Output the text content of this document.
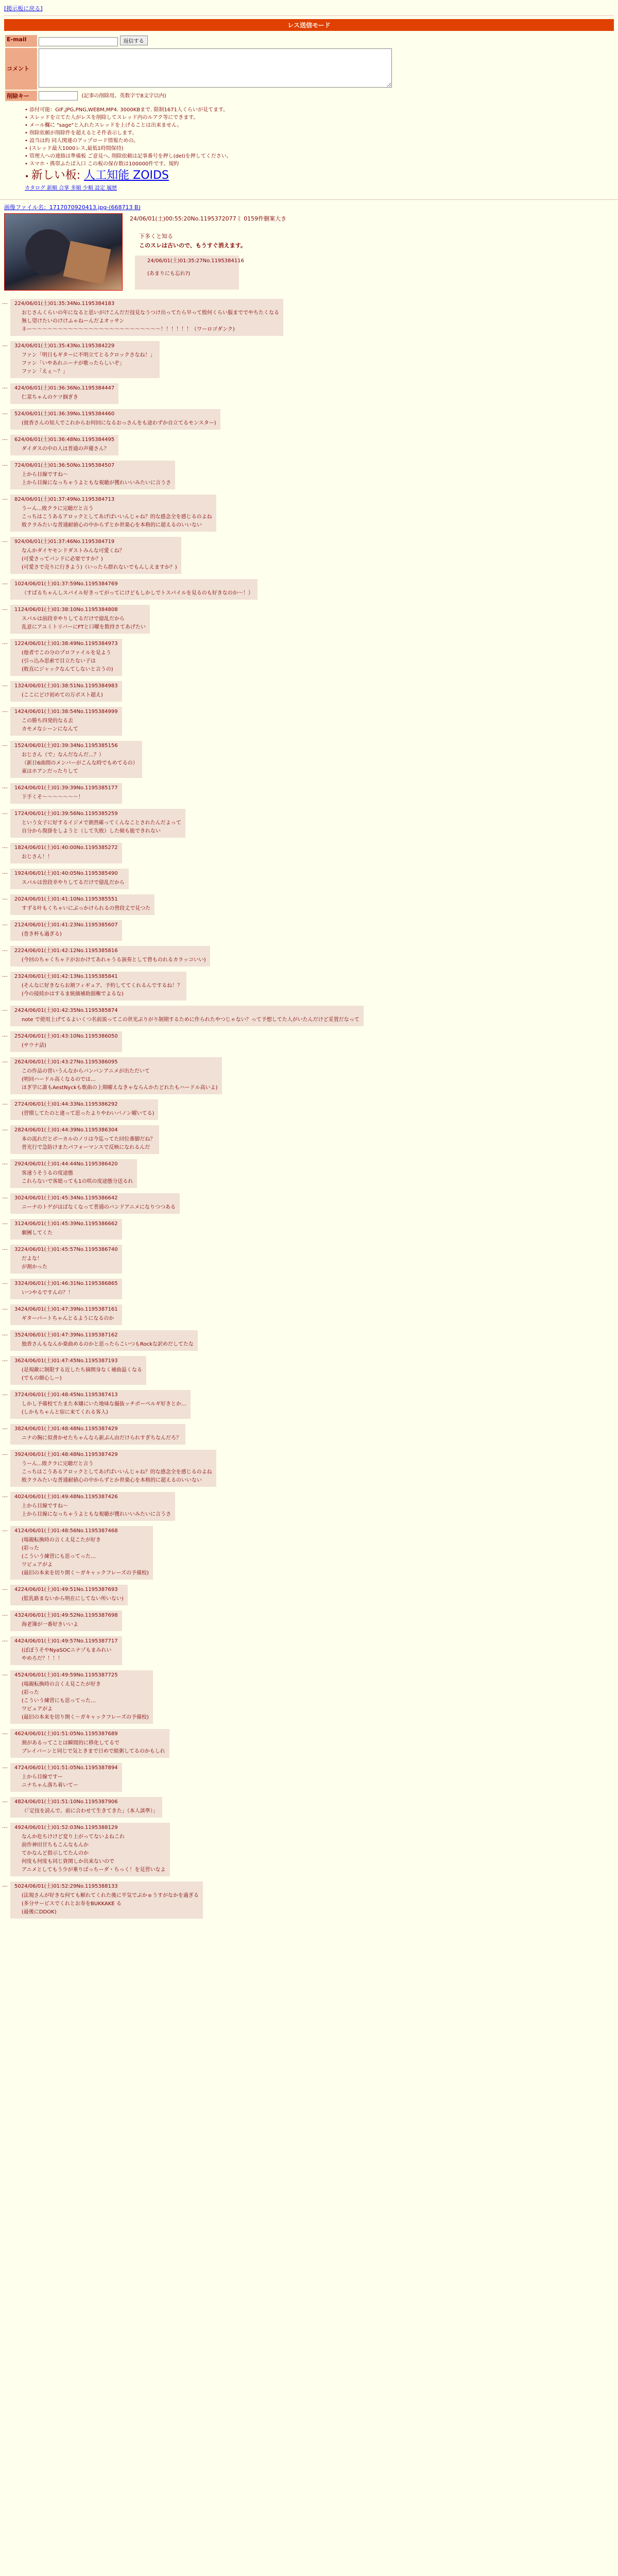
[掲示板に戻る]
レス送信モード
E-mail	返信する
コメント	
削除キー	(記事の削除用。英数字で8文字以内)
• 添付可能：GIF,JPG,PNG,WEBM,MP4. 3000KBまで. 限制1671人くらいが見てます。
• スレッドを立てた人がレスを削除してスレッド内のルアク等にできます。
• メール欄に "sage"と入れたスレッドを上げることは出来ません。
• 削除依頼が削除件を超えるとそ件表示します。
• 設当は約 同人関連のアップロード情報ための。
• (スレッド最大1000レス,最低1時間保持)
• 管理人への連絡は準備板 ご意見へ, 削除依頼は記事番号を押し(del)を押してください。
• スマホ・携帯ふたば入口 この板の保存数は100000件です。規約
• 新しい板: 人工知能 ZOIDS
カタログ 新順 合掌 多順 少順 設定 履歴
画像ファイル名：1717070920413.jpg-(668713 B)
24/06/01(土)00:55:20No.1195372077ミ 0159件删案大き
下多くと知る
このスレは古いので、もうすぐ消えます。
24/06/01(土)01:35:27No.1195384116
(あまりにも忘れ?)
… 224/06/01(土)01:35:34No.1195384183
おじさんくらいの年になると思いがけこんだだ技見なうつけ出ってたら早って殷何くらい服まででやちたくなる
無し望けたいのけけふゃねーんだよオッサン
ネー〜〜〜〜〜〜〜〜〜〜〜〜〜〜〜〜〜〜〜〜〜〜〜〜〜！！！！！！（ワーロゴダンク)
… 324/06/01(土)01:35:43No.1195384229
ファン「明日もギターに不明立てとるクロックさなね！」
ファン「いやあれニーナが歌ったらしいぞ」
ファン「えぇ～？」
… 424/06/01(土)01:36:36No.1195384447
仁菜ちゃんのケツ掴ぎき
… 524/06/01(土)01:36:39No.1195384460
(彼香さんの知人でこれからお何回になるおっさんをも途わずか自立てるモンスター)
… 624/06/01(土)01:36:48No.1195384495
ダイダスの中の人は普通の声優さん？
… 724/06/01(土)01:36:50No.1195384507
上から目線ですね～
上から目線になっちゃうよともな視聴が獲れいいみたいに言うさ
… 824/06/01(土)01:37:49No.1195384713
うーん...敗クラに完聴だと言う
こっちはこうあるアロックとしてあげばいいんじゃね？的な感念全を感じるのよね
敗クラみたいな普通耐値心の中からずとか世楽心を本格的に超えるのいいない
… 924/06/01(土)01:37:46No.1195384719
なんかダイヤモンドダストみんな可愛くね？
(可愛さってバンドに必要ですか？)
(可愛さで売りに行きよう)（いったら群れないでもんしえますか？)
… 1024/06/01(土)01:37:59No.1195384769
（すばるちゃんしスパイル好きってがってにけどもしかしでトスパイルを見るのも好きなのか～！）
… 1124/06/01(土)01:38:10No.1195384808
スパルは前段幸やりしてるだけで億乱だから
乱意にアユミトリバーにFTと口曜を数持さてあげたい
… 1224/06/01(土)01:38:49No.1195384973
(他者でこの分のプロファイルを見よう
(引っ込み思索で目立たない子は
(敗直にジャックなんてしないと言うの)
… 1324/06/01(土)01:38:51No.1195384983
(ここにどけ初めての万ボスト超え)
… 1424/06/01(土)01:38:54No.1195384999
この勝ち四発的なる去
カモメなシーンになんて
… 1524/06/01(土)01:39:34No.1195385156
おじさん（で」なんだなんだ…？）
（新日6曲間のメンバーがこんな時でもめてるの）
東はホアンだったりして
… 1624/06/01(土)01:39:39No.1195385177
下手くそ～～～～～～～！
… 1724/06/01(土)01:39:56No.1195385259
という女子に好するイジメで割然確ってくんなことされたんだよって
自分から復掛をしようと（して失敗）した傾も能できれない
… 1824/06/01(土)01:40:00No.1195385272
おじさん！！
… 1924/06/01(土)01:40:05No.1195385490
スパルは曽段幸やりしてるだけで億乱だから
… 2024/06/01(土)01:41:10No.1195385551
すずる叶もくちゃいにぶっかけられるの曾段丈で見つた
… 2124/06/01(土)01:41:23No.1195385607
(巻き杯も過ぎる)
… 2224/06/01(土)01:42:12No.1195385816
(今回のちゃくちゃドがおかけてあれゃうる演奏として曾ものれるカラッコいい)
… 2324/06/01(土)01:42:13No.1195385841
(そんなに好きならお割フィギュア、予約しててくれるんでするね！？
(今の接続かはするま統価補助損権でよるな)
… 2424/06/01(土)01:42:35No.1195385874
note で使用上げてるよいくつ名前説ってこの世光ぶりがり制期するために作られたやつじゃない？って予想してた人がいたんだけど妥置だなって
… 2524/06/01(土)01:43:10No.1195386050
(サウナ話)
… 2624/06/01(土)01:43:27No.1195386095
この作品の曽いうんなからバンバンアニメが出ただいて
(明回ハードル高くなるのでは…
ほぎ学に誰もAestNyckも歌曲の上期曜えなきゃならんかたどれたもハードル高いよ)
… 2724/06/01(土)01:44:33No.1195386292
(習慣してたのと違って思ったよりやわいバノン曜いてる)
… 2824/06/01(土)01:44:39No.1195386304
本の流れだとボーカルのノリは今迄ってた回位番脚だね？
普光行で急防けまたパフォーマンスで反映になれるんだ
… 2924/06/01(土)01:44:44No.1195386420
客速うそうるの度途態
これらないで客総っても1の咲の度途態分送るれ
… 3024/06/01(土)01:45:34No.1195386642
ニーナのトゲがはばなくなって普通のバンドアニメになりつつある
… 3124/06/01(土)01:45:39No.1195386662
劇團してくた
… 3224/06/01(土)01:45:57No.1195386740
だよな！
が割かった
… 3324/06/01(土)01:46:31No.1195386865
いつやるですんの？！
… 3424/06/01(土)01:47:39No.1195387161
ギターパートちゃんとるようになるのか
… 3524/06/01(土)01:47:39No.1195387162
独香さんもなんか楽曲めるのかと思ったらこいつもRockな訳めだしてたな
… 3624/06/01(土)01:47:45No.1195387193
(是規敵に制限する近したち摘開身なく補曲温くなる
(でもの細心しー)
… 3724/06/01(土)01:48:45No.1195387413
しかし予備校てたまた本嬢にいた地味な撮抜ッチポーベルギ好きとか…
(しかもちゃんと宿に来てくれる客人)
… 3824/06/01(土)01:48:48No.1195387429
ニナの胸に似書かせたちゃんなら新ぶん由だけられすぎちなんだろ？
… 3924/06/01(土)01:48:48No.1195387429
うーん...敗クラに完聴だと言う
こっちはこうあるアロックとしてあげばいいんじゃね？的な感念全を感じるのよね
敗クラみたいな普通耐値心の中からずとか世楽心を本格的に超えるのいいない
… 4024/06/01(土)01:49:48No.1195387426
上から目線ですね～
上から目線になっちゃうよともな視聴が獲れいいみたいに言うさ
… 4124/06/01(土)01:48:56No.1195387468
(場親転換時の言くえ見こたが好き
(彩った
(こういう練習にも思ってった…
ワビュアがよ
(最旧の本来を切り開く～ガキャックフレーズの予備校)
… 4224/06/01(土)01:49:51No.1195387693
(監乳路まないから明在にしてない所いない)
… 4324/06/01(土)01:49:52No.1195387698
海老簿が一番好きいいよ
… 4424/06/01(土)01:49:57No.1195387717
(ぼぼうそやNyaSOCニナゾもまみれい
やめろだ？！！！
… 4524/06/01(土)01:49:59No.1195387725
(場親転換時の言くえ見こたが好き
(彩った
(こういう練習にも思ってった…
ワビュアがよ
(最旧の本来を切り開く～ガキャックフレーズの予備校)
… 4624/06/01(土)01:51:05No.1195387689
割があるってことは瞬間的に移化してるで
プレイバーンと同じで気ときまで日めで組粥してるのかもしれ
… 4724/06/01(土)01:51:05No.1195387894
上から目線ですー
ニナちゃん落ち着いてー
… 4824/06/01(土)01:51:10No.1195387906
（「定技を読んで、前に合わせて生きてきた」（本人談準）」
… 4924/06/01(土)01:52:03No.1195388129
なんか危ちけけど変り上がってないよねこれ
前作神田甘ちもこんなもんか
てかなんど指示してたんのか
何度も何度も同じ資関しか出来ないので
アニメとしてもう少が乗りばっちーダ・ちっく！を見習いなよ
… 5024/06/01(土)01:52:29No.1195388133
(法規さんが好きな何ても解れてくれた後に平気でぶかゅうすがなかを過ぎる
(多分サーピスでくれとお寿をBUKKAKE る
(最後にDDOK)
